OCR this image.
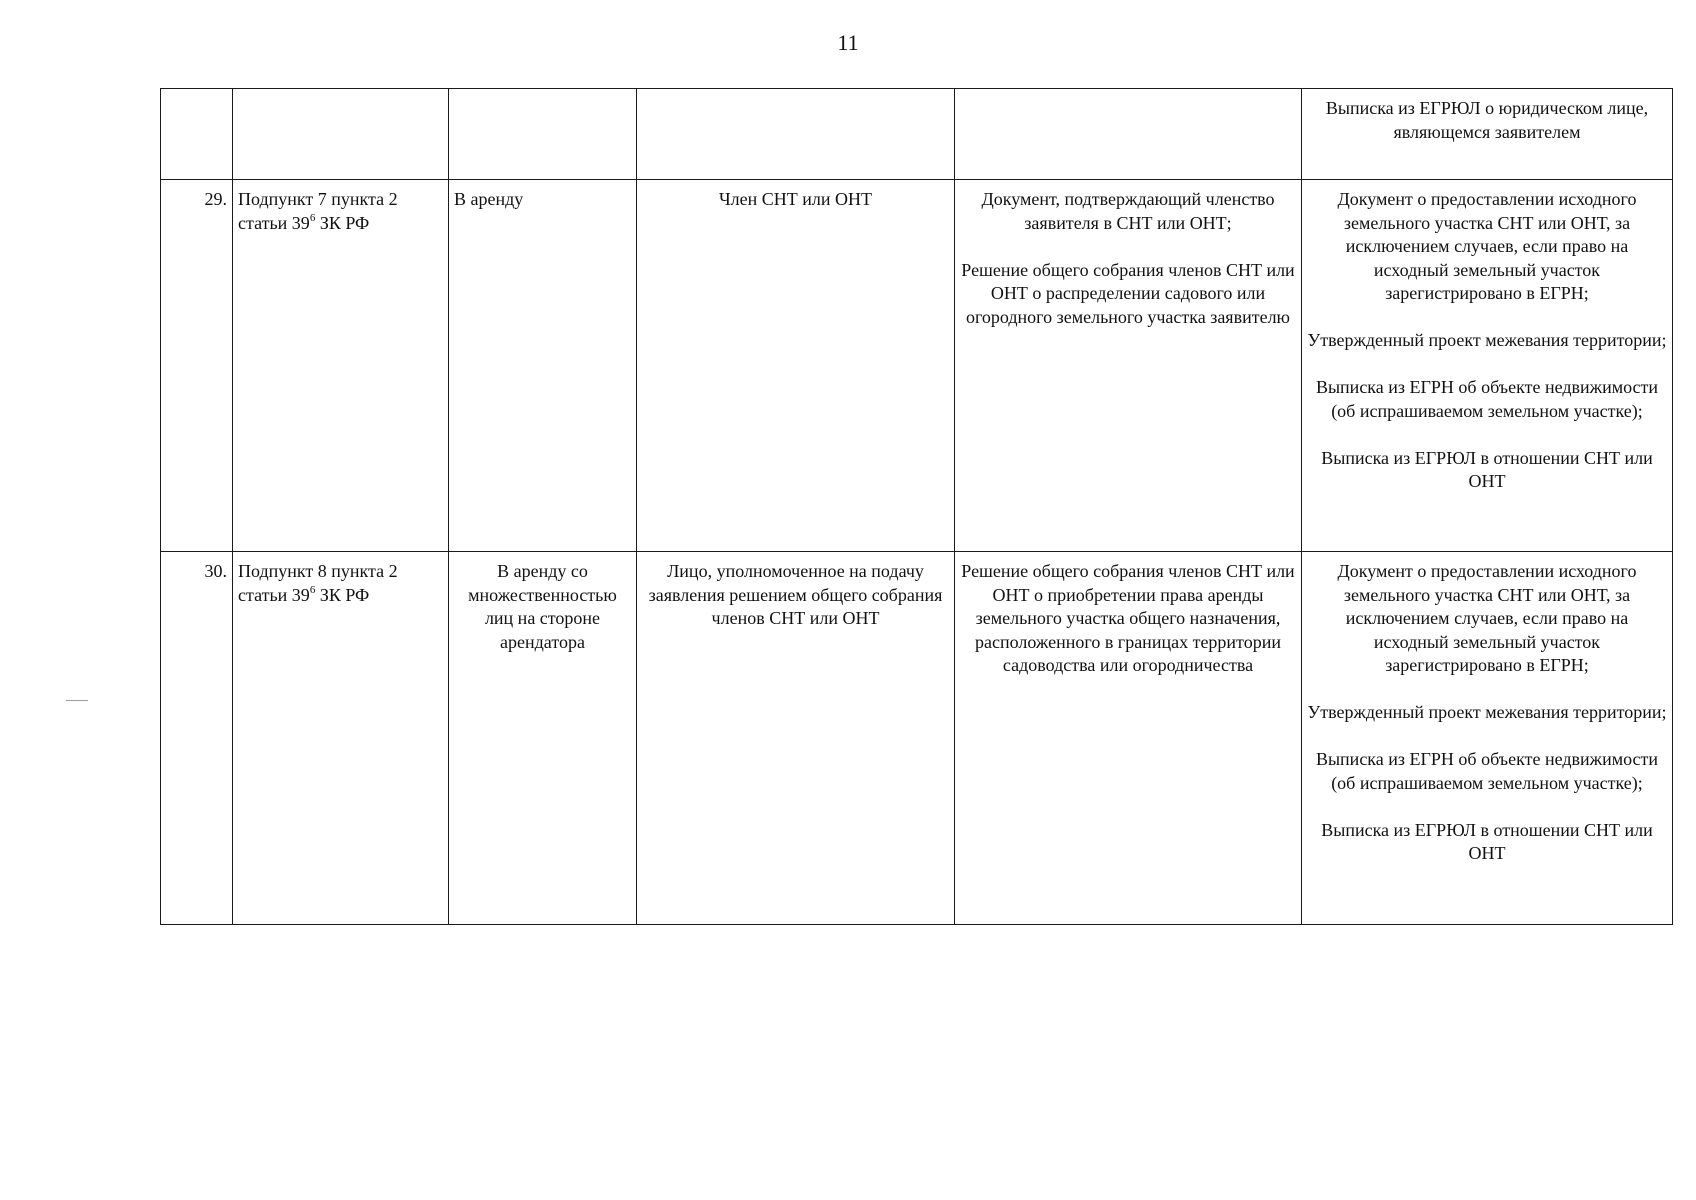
11
					Выписка из ЕГРЮЛ о юридическом лице, являющемся заявителем
29.	Подпункт 7 пункта 2 статьи $39^6$ ЗК РФ	В аренду	Член СНТ или ОНТ	Документ, подтверждающий членство заявителя в СНТ или ОНТ;
Решение общего собрания членов СНТ или ОНТ о распределении садового или огородного земельного участка заявителю	Документ о предоставлении исходного земельного участка СНТ или ОНТ, за исключением случаев, если право на исходный земельный участок зарегистрировано в ЕГРН;
Утвержденный проект межевания территории;
Выписка из ЕГРН об объекте недвижимости (об испрашиваемом земельном участке);
Выписка из ЕГРЮЛ в отношении СНТ или ОНТ

30.	Подпункт 8 пункта 2 статьи $39^6$ ЗК РФ	В аренду со множественностью лиц на стороне арендатора	Лицо, уполномоченное на подачу заявления решением общего собрания членов СНТ или ОНТ	Решение общего собрания членов СНТ или ОНТ о приобретении права аренды земельного участка общего назначения, расположенного в границах территории садоводства или огородничества	Документ о предоставлении исходного земельного участка СНТ или ОНТ, за исключением случаев, если право на исходный земельный участок зарегистрировано в ЕГРН;
Утвержденный проект межевания территории;
Выписка из ЕГРН об объекте недвижимости (об испрашиваемом земельном участке);
Выписка из ЕГРЮЛ в отношении СНТ или ОНТ
